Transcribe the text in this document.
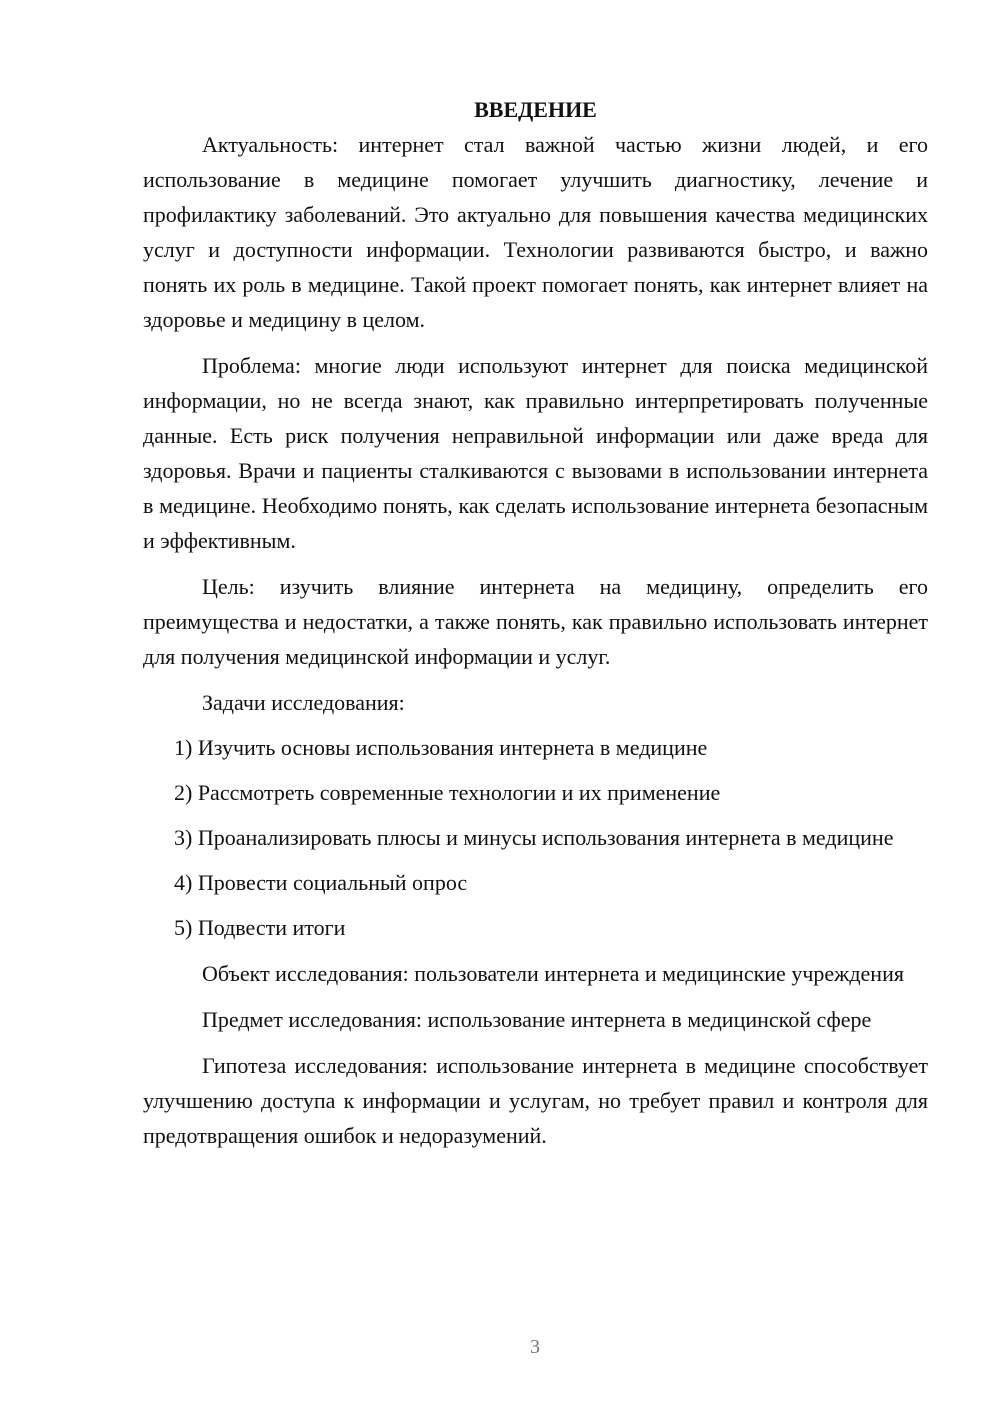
ВВЕДЕНИЕ

Актуальность: интернет стал важной частью жизни людей, и его использование в медицине помогает улучшить диагностику, лечение и профилактику заболеваний. Это актуально для повышения качества медицинских услуг и доступности информации. Технологии развиваются быстро, и важно понять их роль в медицине. Такой проект помогает понять, как интернет влияет на здоровье и медицину в целом.

Проблема: многие люди используют интернет для поиска медицинской информации, но не всегда знают, как правильно интерпретировать полученные данные. Есть риск получения неправильной информации или даже вреда для здоровья. Врачи и пациенты сталкиваются с вызовами в использовании интернета в медицине. Необходимо понять, как сделать использование интернета безопасным и эффективным.

Цель: изучить влияние интернета на медицину, определить его преимущества и недостатки, а также понять, как правильно использовать интернет для получения медицинской информации и услуг.

Задачи исследования:

1) Изучить основы использования интернета в медицине

2) Рассмотреть современные технологии и их применение

3) Проанализировать плюсы и минусы использования интернета в медицине

4) Провести социальный опрос

5) Подвести итоги

Объект исследования: пользователи интернета и медицинские учреждения

Предмет исследования: использование интернета в медицинской сфере

Гипотеза исследования: использование интернета в медицине способствует улучшению доступа к информации и услугам, но требует правил и контроля для предотвращения ошибок и недоразумений.

3
